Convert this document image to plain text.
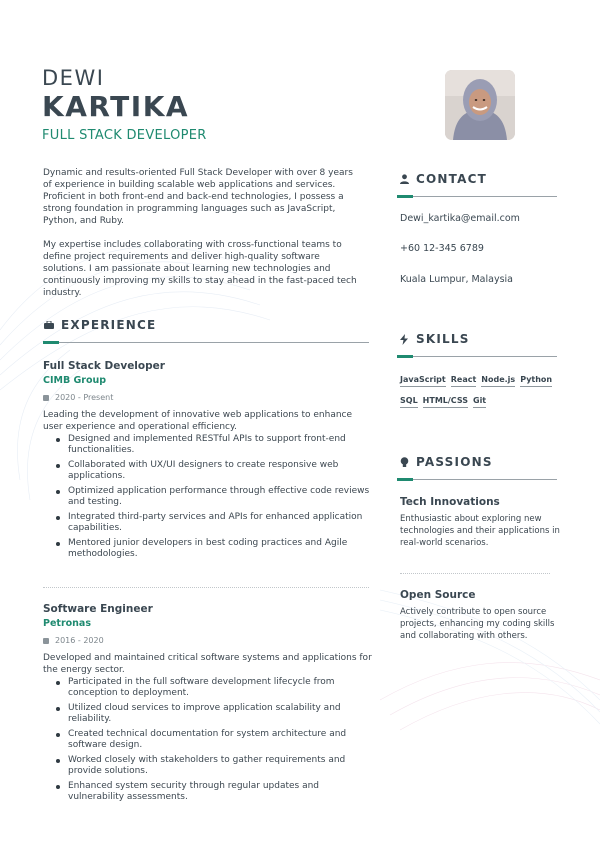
DEWI
KARTIKA
FULL STACK DEVELOPER

Dynamic and results-oriented Full Stack Developer with over 8 years of experience in building scalable web applications and services. Proficient in both front-end and back-end technologies, I possess a strong foundation in programming languages such as JavaScript, Python, and Ruby.

My expertise includes collaborating with cross-functional teams to define project requirements and deliver high-quality software solutions. I am passionate about learning new technologies and continuously improving my skills to stay ahead in the fast-paced tech industry.

EXPERIENCE
Full Stack Developer
CIMB Group
2020 - Present
Leading the development of innovative web applications to enhance user experience and operational efficiency.
Designed and implemented RESTful APIs to support front-end functionalities.
Collaborated with UX/UI designers to create responsive web applications.
Optimized application performance through effective code reviews and testing.
Integrated third-party services and APIs for enhanced application capabilities.
Mentored junior developers in best coding practices and Agile methodologies.
Software Engineer
Petronas
2016 - 2020
Developed and maintained critical software systems and applications for the energy sector.
Participated in the full software development lifecycle from conception to deployment.
Utilized cloud services to improve application scalability and reliability.
Created technical documentation for system architecture and software design.
Worked closely with stakeholders to gather requirements and provide solutions.
Enhanced system security through regular updates and vulnerability assessments.
CONTACT
Dewi_kartika@email.com
+60 12-345 6789
Kuala Lumpur, Malaysia
SKILLS
JavaScript React Node.js Python
SQL HTML/CSS Git
PASSIONS
Tech Innovations
Enthusiastic about exploring new technologies and their applications in real-world scenarios.
Open Source
Actively contribute to open source projects, enhancing my coding skills and collaborating with others.
